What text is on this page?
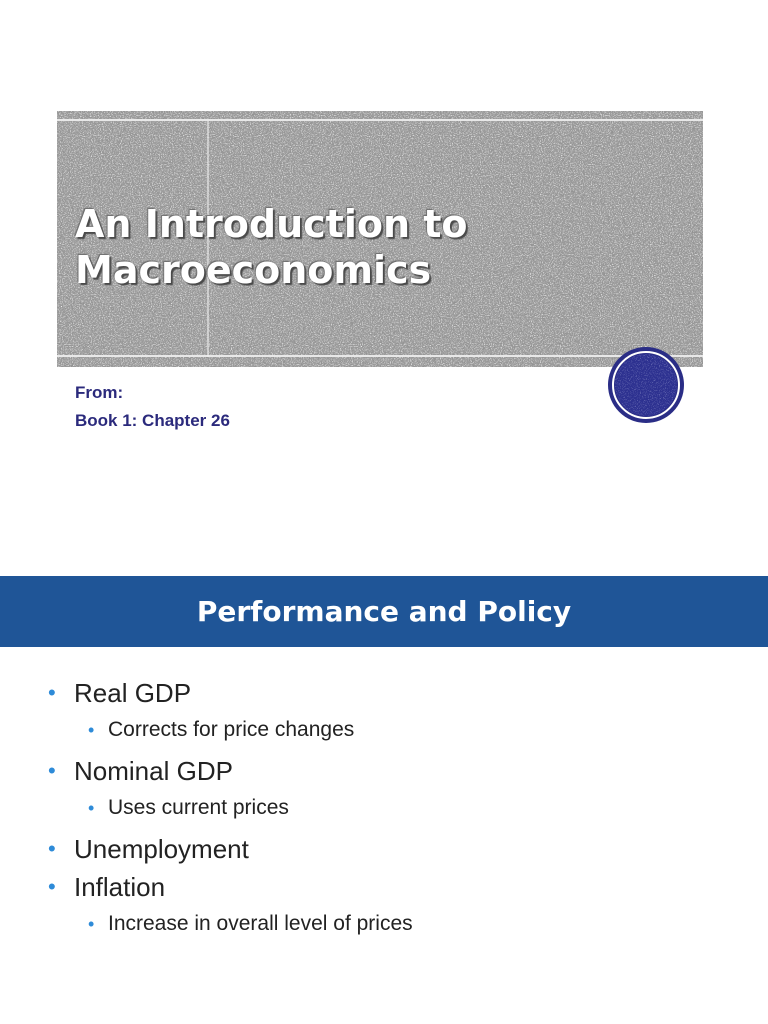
An Introduction to
Macroeconomics
From:
Book 1: Chapter 26
Performance and Policy
• Real GDP
• Corrects for price changes
• Nominal GDP
• Uses current prices
• Unemployment
• Inflation
• Increase in overall level of prices
